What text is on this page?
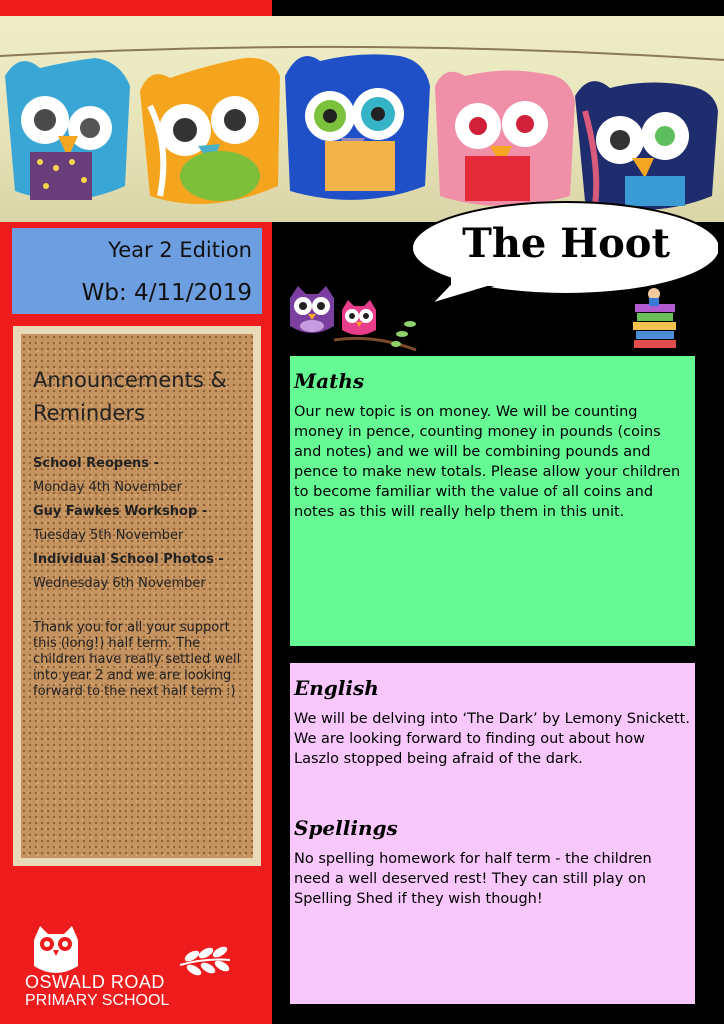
Year 2 Edition
Wb: 4/11/2019
The Hoot
Announcements & Reminders
School Reopens -
Monday 4th November
Guy Fawkes Workshop -
Tuesday 5th November
Individual School Photos -
Wednesday 6th November
Thank you for all your support this (long!) half term. The children have really settled well into year 2 and we are looking forward to the next half term :)
OSWALD ROAD
PRIMARY SCHOOL
Maths

Our new topic is on money. We will be counting money in pence, counting money in pounds (coins and notes) and we will be combining pounds and pence to make new totals. Please allow your children to become familiar with the value of all coins and notes as this will really help them in this unit.

English

We will be delving into ‘The Dark’ by Lemony Snickett. We are looking forward to finding out about how Laszlo stopped being afraid of the dark.

Spellings

No spelling homework for half term - the children need a well deserved rest! They can still play on Spelling Shed if they wish though!
